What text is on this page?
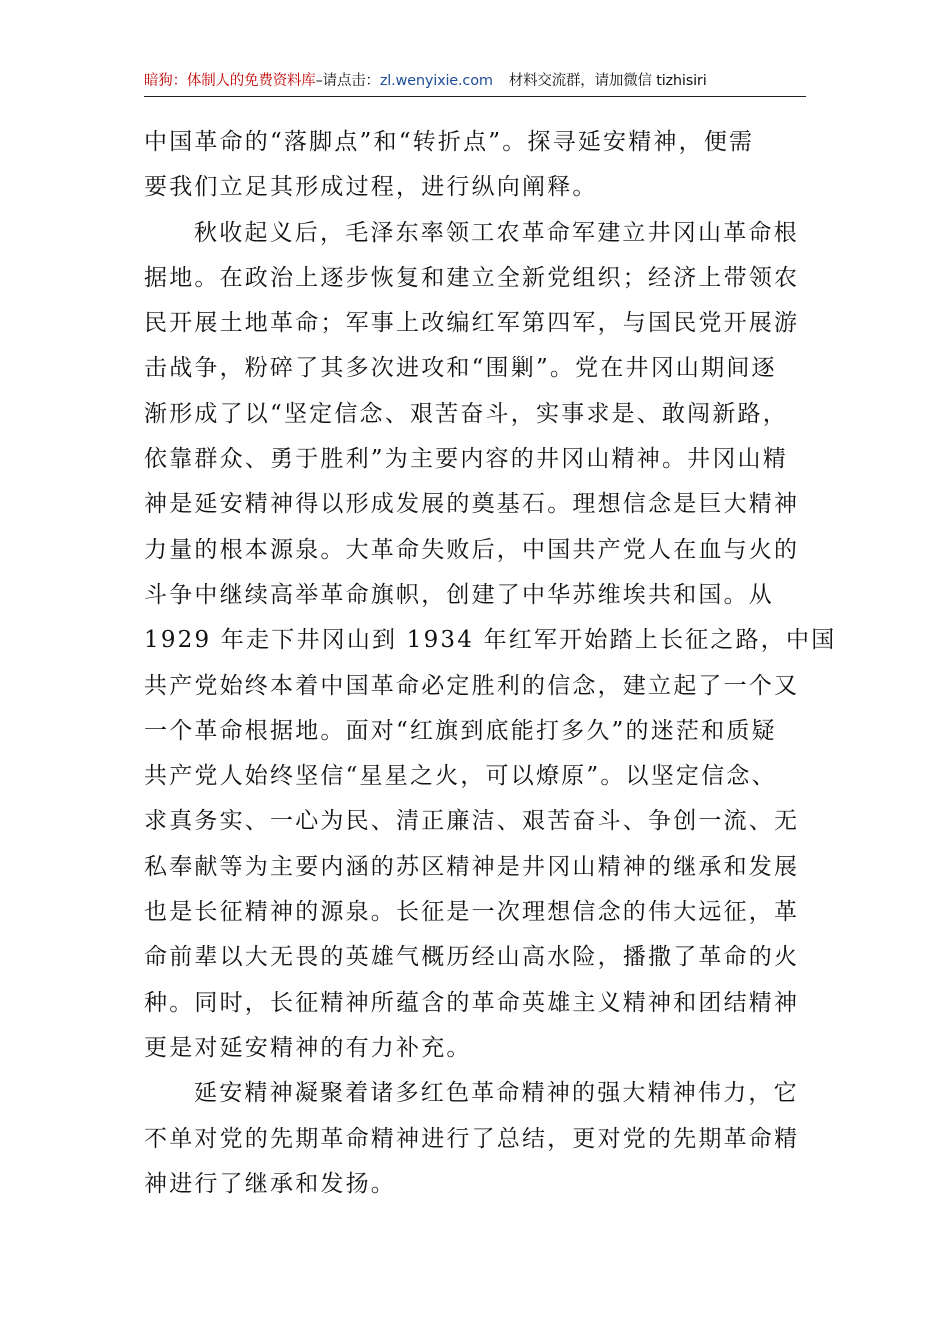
暗狗：体制人的免费资料库–请点击：zl.wenyixie.com 材料交流群，请加微信 tizhisiri

中国革命的“落脚点”和“转折点”。探寻延安精神，便需
要我们立足其形成过程，进行纵向阐释。

秋收起义后，毛泽东率领工农革命军建立井冈山革命根
据地。在政治上逐步恢复和建立全新党组织；经济上带领农
民开展土地革命；军事上改编红军第四军，与国民党开展游
击战争，粉碎了其多次进攻和“围剿”。党在井冈山期间逐
渐形成了以“坚定信念、艰苦奋斗，实事求是、敢闯新路，
依靠群众、勇于胜利”为主要内容的井冈山精神。井冈山精
神是延安精神得以形成发展的奠基石。理想信念是巨大精神
力量的根本源泉。大革命失败后，中国共产党人在血与火的
斗争中继续高举革命旗帜，创建了中华苏维埃共和国。从
1929 年走下井冈山到 1934 年红军开始踏上长征之路，中国
共产党始终本着中国革命必定胜利的信念，建立起了一个又
一个革命根据地。面对“红旗到底能打多久”的迷茫和质疑
共产党人始终坚信“星星之火，可以燎原”。以坚定信念、
求真务实、一心为民、清正廉洁、艰苦奋斗、争创一流、无
私奉献等为主要内涵的苏区精神是井冈山精神的继承和发展
也是长征精神的源泉。长征是一次理想信念的伟大远征，革
命前辈以大无畏的英雄气概历经山高水险，播撒了革命的火
种。同时，长征精神所蕴含的革命英雄主义精神和团结精神
更是对延安精神的有力补充。

延安精神凝聚着诸多红色革命精神的强大精神伟力，它
不单对党的先期革命精神进行了总结，更对党的先期革命精
神进行了继承和发扬。
